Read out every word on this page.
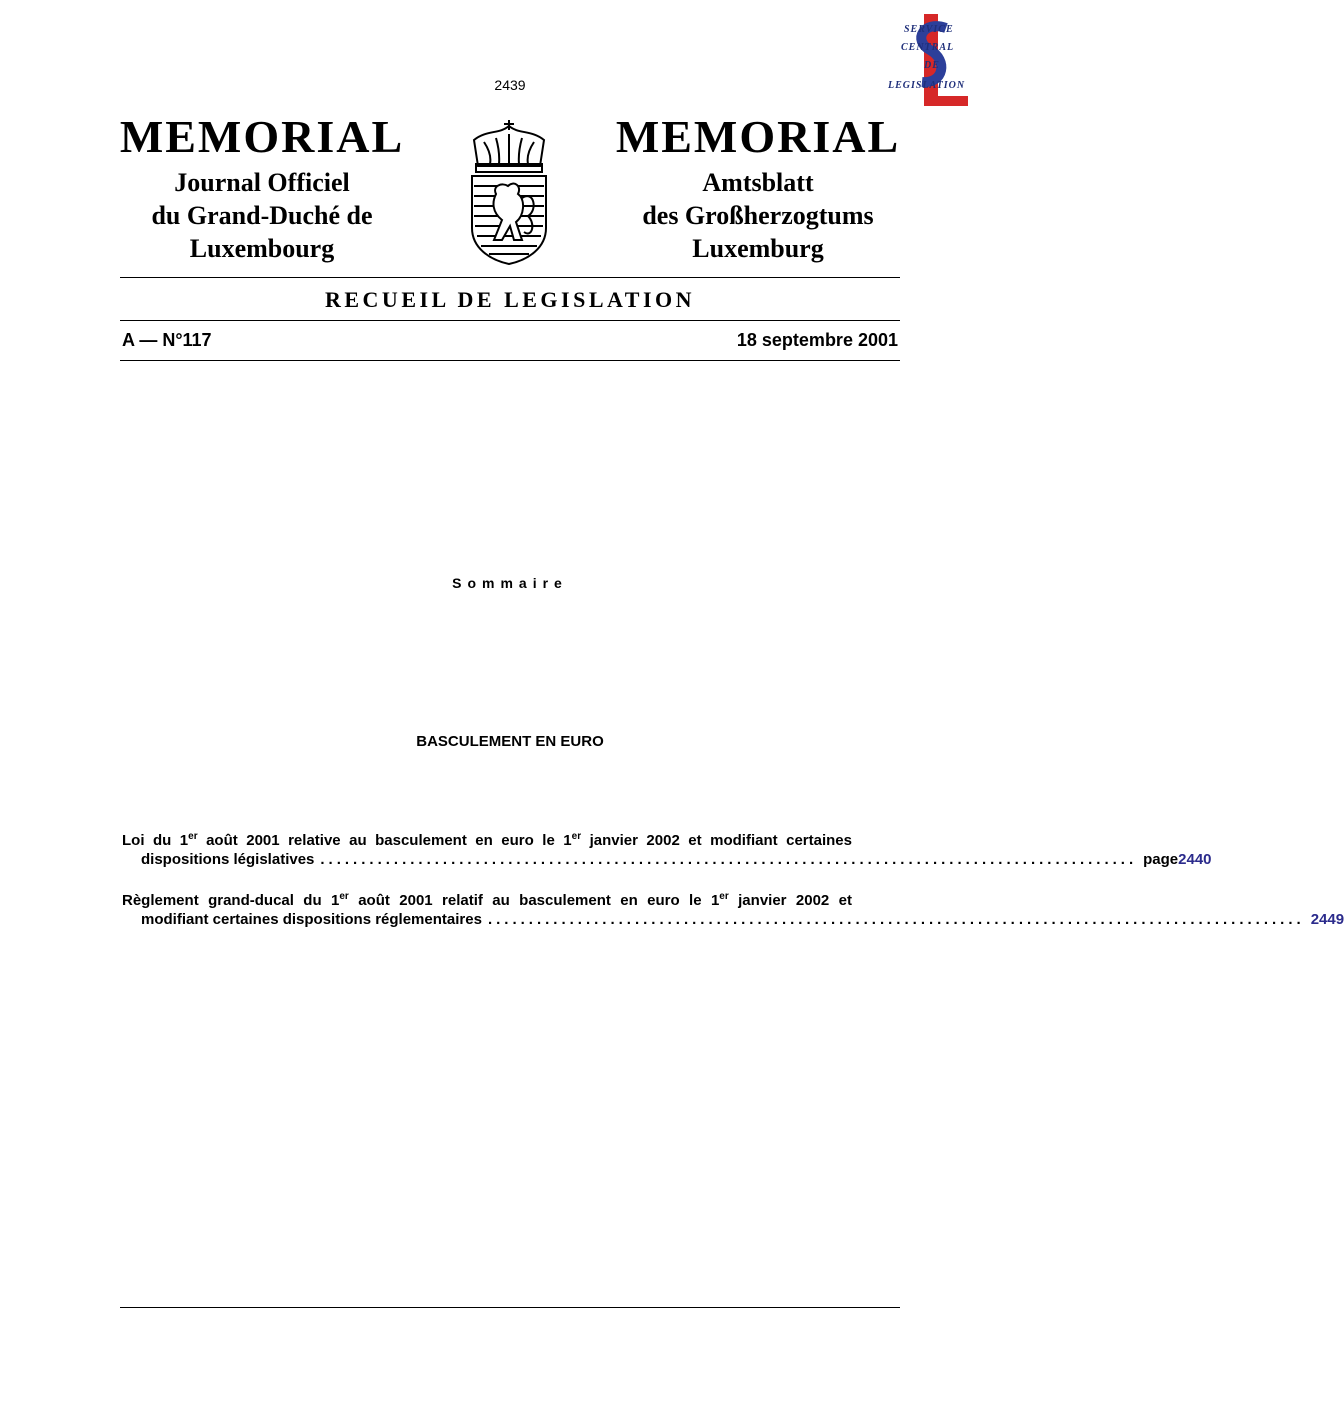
2439
SERVICE
CENTRAL
DE
LEGISLATION
MEMORIAL
Journal Officiel
du Grand-Duché de
Luxembourg
MEMORIAL
Amtsblatt
des Großherzogtums
Luxemburg
RECUEIL DE LEGISLATION
A — N°117	18 septembre 2001
Sommaire
BASCULEMENT EN EURO
Loi du 1er août 2001 relative au basculement en euro le 1er janvier 2002 et modifiant certaines
dispositions législatives .................................................................................................... page 2440
Règlement grand-ducal du 1er août 2001 relatif au basculement en euro le 1er janvier 2002 et
modifiant certaines dispositions réglementaires .................................................................................................... 2449
